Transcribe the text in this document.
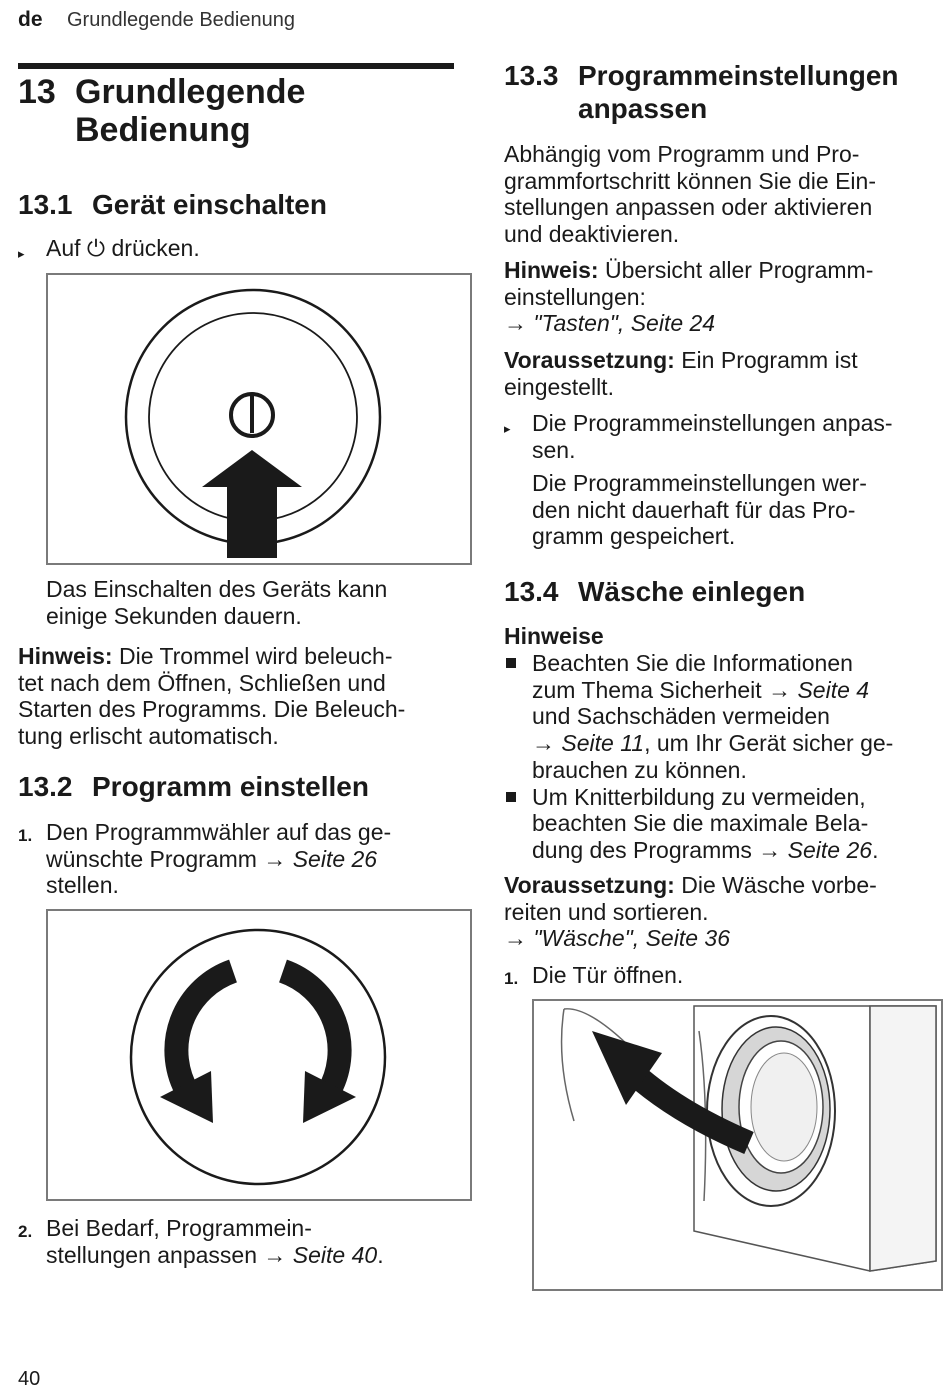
de Grundlegende Bedienung
13 Grundlegende
Bedienung
13.1 Gerät einschalten
▸ Auf ⏻ drücken.
Das Einschalten des Geräts kann
einige Sekunden dauern.
Hinweis: Die Trommel wird beleuch-
tet nach dem Öffnen, Schließen und
Starten des Programms. Die Beleuch-
tung erlischt automatisch.
13.2 Programm einstellen
1. Den Programmwähler auf das ge-
wünschte Programm → Seite 26
stellen.
2. Bei Bedarf, Programmein-
stellungen anpassen → Seite 40.
13.3 Programmeinstellungen
anpassen
Abhängig vom Programm und Pro-
grammfortschritt können Sie die Ein-
stellungen anpassen oder aktivieren
und deaktivieren.
Hinweis: Übersicht aller Programm-
einstellungen:
→ "Tasten", Seite 24
Voraussetzung: Ein Programm ist
eingestellt.
▸ Die Programmeinstellungen anpas-
sen.
Die Programmeinstellungen wer-
den nicht dauerhaft für das Pro-
gramm gespeichert.
13.4 Wäsche einlegen
Hinweise
Beachten Sie die Informationen
zum Thema Sicherheit → Seite 4
und Sachschäden vermeiden
→ Seite 11, um Ihr Gerät sicher ge-
brauchen zu können.
Um Knitterbildung zu vermeiden,
beachten Sie die maximale Bela-
dung des Programms → Seite 26.
Voraussetzung: Die Wäsche vorbe-
reiten und sortieren.
→ "Wäsche", Seite 36
1. Die Tür öffnen.
40
